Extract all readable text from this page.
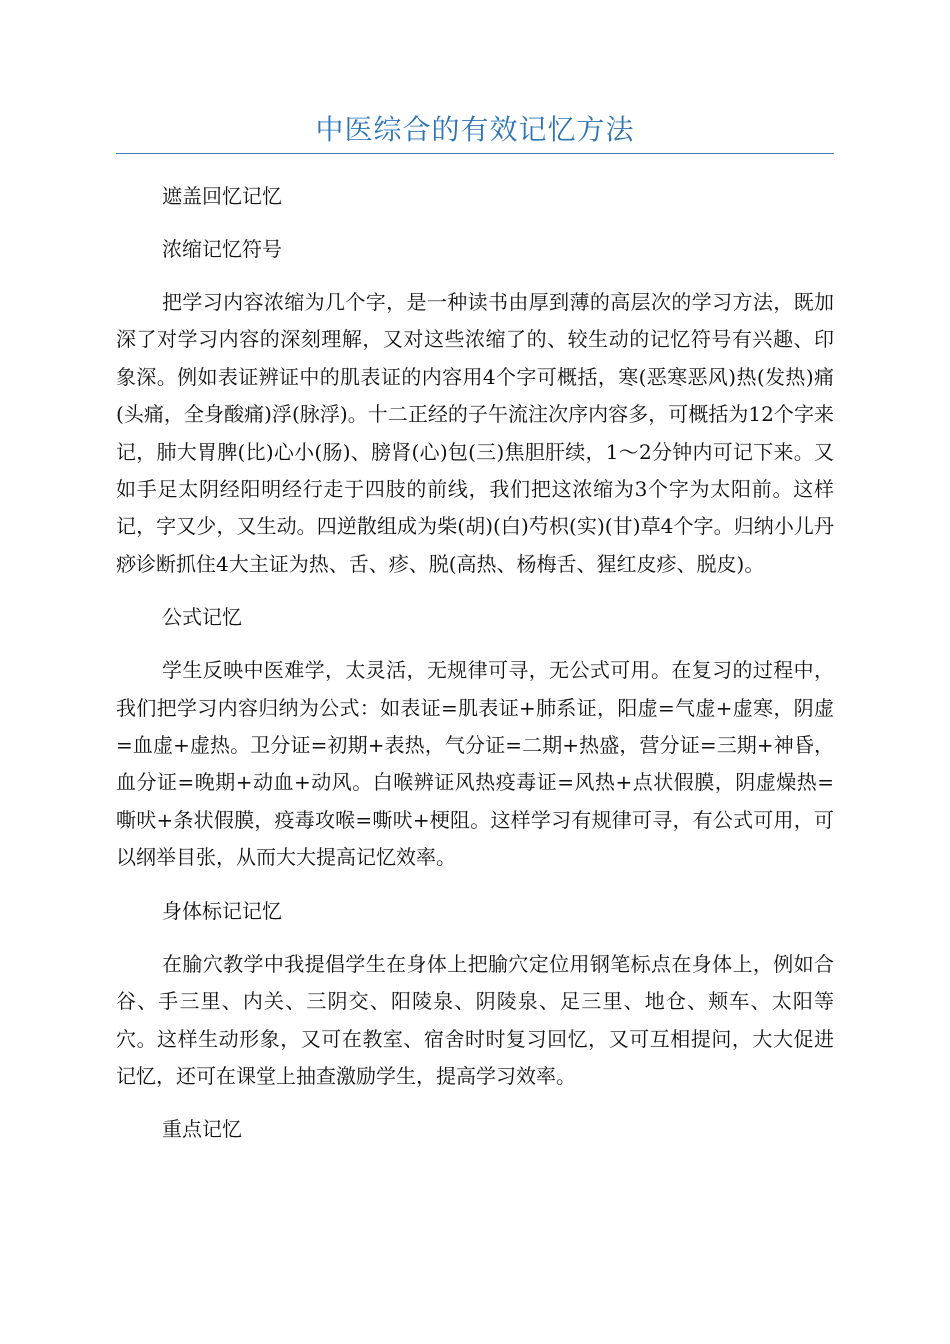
中医综合的有效记忆方法
遮盖回忆记忆
浓缩记忆符号
把学习内容浓缩为几个字，是一种读书由厚到薄的高层次的学习方法，既加深了对学习内容的深刻理解，又对这些浓缩了的、较生动的记忆符号有兴趣、印象深。例如表证辨证中的肌表证的内容用4个字可概括，寒(恶寒恶风)热(发热)痛(头痛，全身酸痛)浮(脉浮)。十二正经的子午流注次序内容多，可概括为12个字来记，肺大胃脾(比)心小(肠)、膀肾(心)包(三)焦胆肝续，1～2分钟内可记下来。又如手足太阴经阳明经行走于四肢的前线，我们把这浓缩为3个字为太阳前。这样记，字又少，又生动。四逆散组成为柴(胡)(白)芍枳(实)(甘)草4个字。归纳小儿丹痧诊断抓住4大主证为热、舌、疹、脱(高热、杨梅舌、猩红皮疹、脱皮)。
公式记忆
学生反映中医难学，太灵活，无规律可寻，无公式可用。在复习的过程中，我们把学习内容归纳为公式：如表证=肌表证+肺系证，阳虚=气虚+虚寒，阴虚=血虚+虚热。卫分证=初期+表热，气分证=二期+热盛，营分证=三期+神昏，血分证=晚期+动血+动风。白喉辨证风热疫毒证=风热+点状假膜，阴虚燥热=嘶吠+条状假膜，疫毒攻喉=嘶吠+梗阻。这样学习有规律可寻，有公式可用，可以纲举目张，从而大大提高记忆效率。
身体标记记忆
在腧穴教学中我提倡学生在身体上把腧穴定位用钢笔标点在身体上，例如合谷、手三里、内关、三阴交、阳陵泉、阴陵泉、足三里、地仓、颊车、太阳等穴。这样生动形象，又可在教室、宿舍时时复习回忆，又可互相提问，大大促进记忆，还可在课堂上抽查激励学生，提高学习效率。
重点记忆
